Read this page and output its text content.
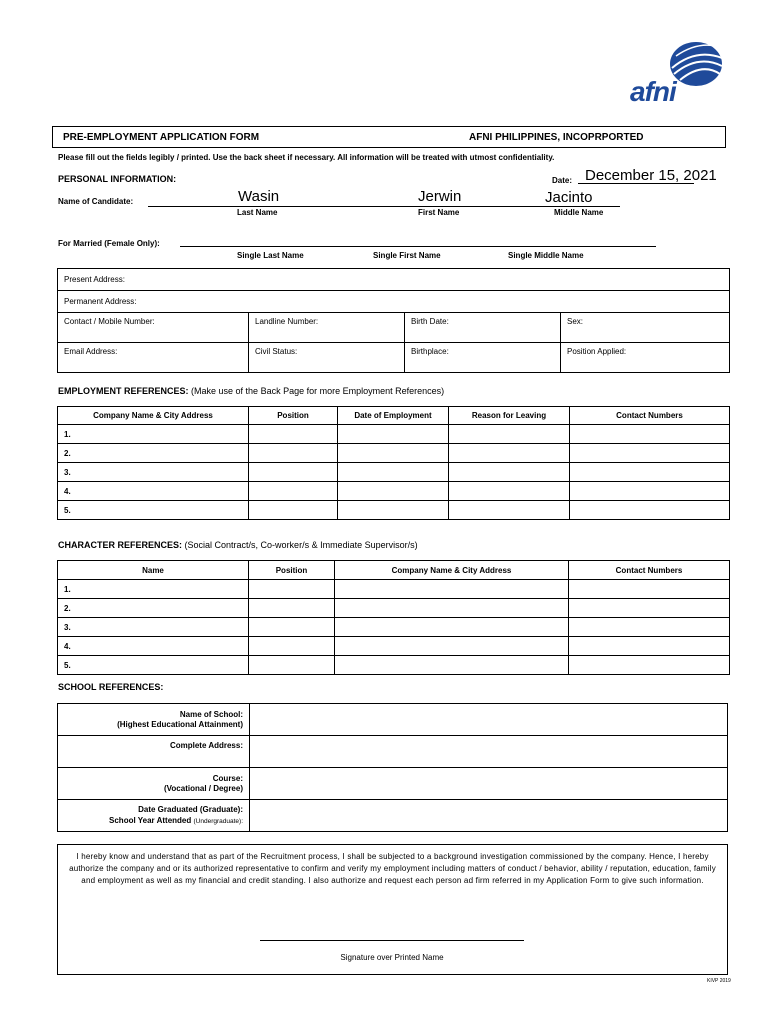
afni
PRE-EMPLOYMENT APPLICATION FORM	AFNI PHILIPPINES, INCOPRPORTED
Please fill out the fields legibly / printed. Use the back sheet if necessary. All information will be treated with utmost confidentiality.
PERSONAL INFORMATION:	Date: December 15, 2021
Name of Candidate:	Wasin	Jerwin	Jacinto
Last Name	First Name	Middle Name
For Married (Female Only):
Single Last Name	Single First Name	Single Middle Name
Present Address:			
Permanent Address:			
Contact / Mobile Number:	Landline Number:	Birth Date:	Sex:
Email Address:	Civil Status:	Birthplace:	Position Applied:
EMPLOYMENT REFERENCES: (Make use of the Back Page for more Employment References)
Company Name & City Address	Position	Date of Employment	Reason for Leaving	Contact Numbers
1.				
2.				
3.				
4.				
5.				
CHARACTER REFERENCES: (Social Contract/s, Co-worker/s & Immediate Supervisor/s)
Name	Position	Company Name & City Address	Contact Numbers
1.			
2.			
3.			
4.			
5.			
SCHOOL REFERENCES:
Name of School:
(Highest Educational Attainment)	

Complete Address:	

Course:
(Vocational / Degree)	

Date Graduated (Graduate):
School Year Attended (Undergraduate):	

I hereby know and understand that as part of the Recruitment process, I shall be subjected to a background investigation commissioned by the company. Hence, I hereby authorize the company and or its authorized representative to confirm and verify my employment including matters of conduct / behavior, ability / reputation, education, family and employment as well as my financial and credit standing. I also authorize and request each person ad firm referred in my Application Form to give such information.
Signature over Printed Name
KIVP 2019
